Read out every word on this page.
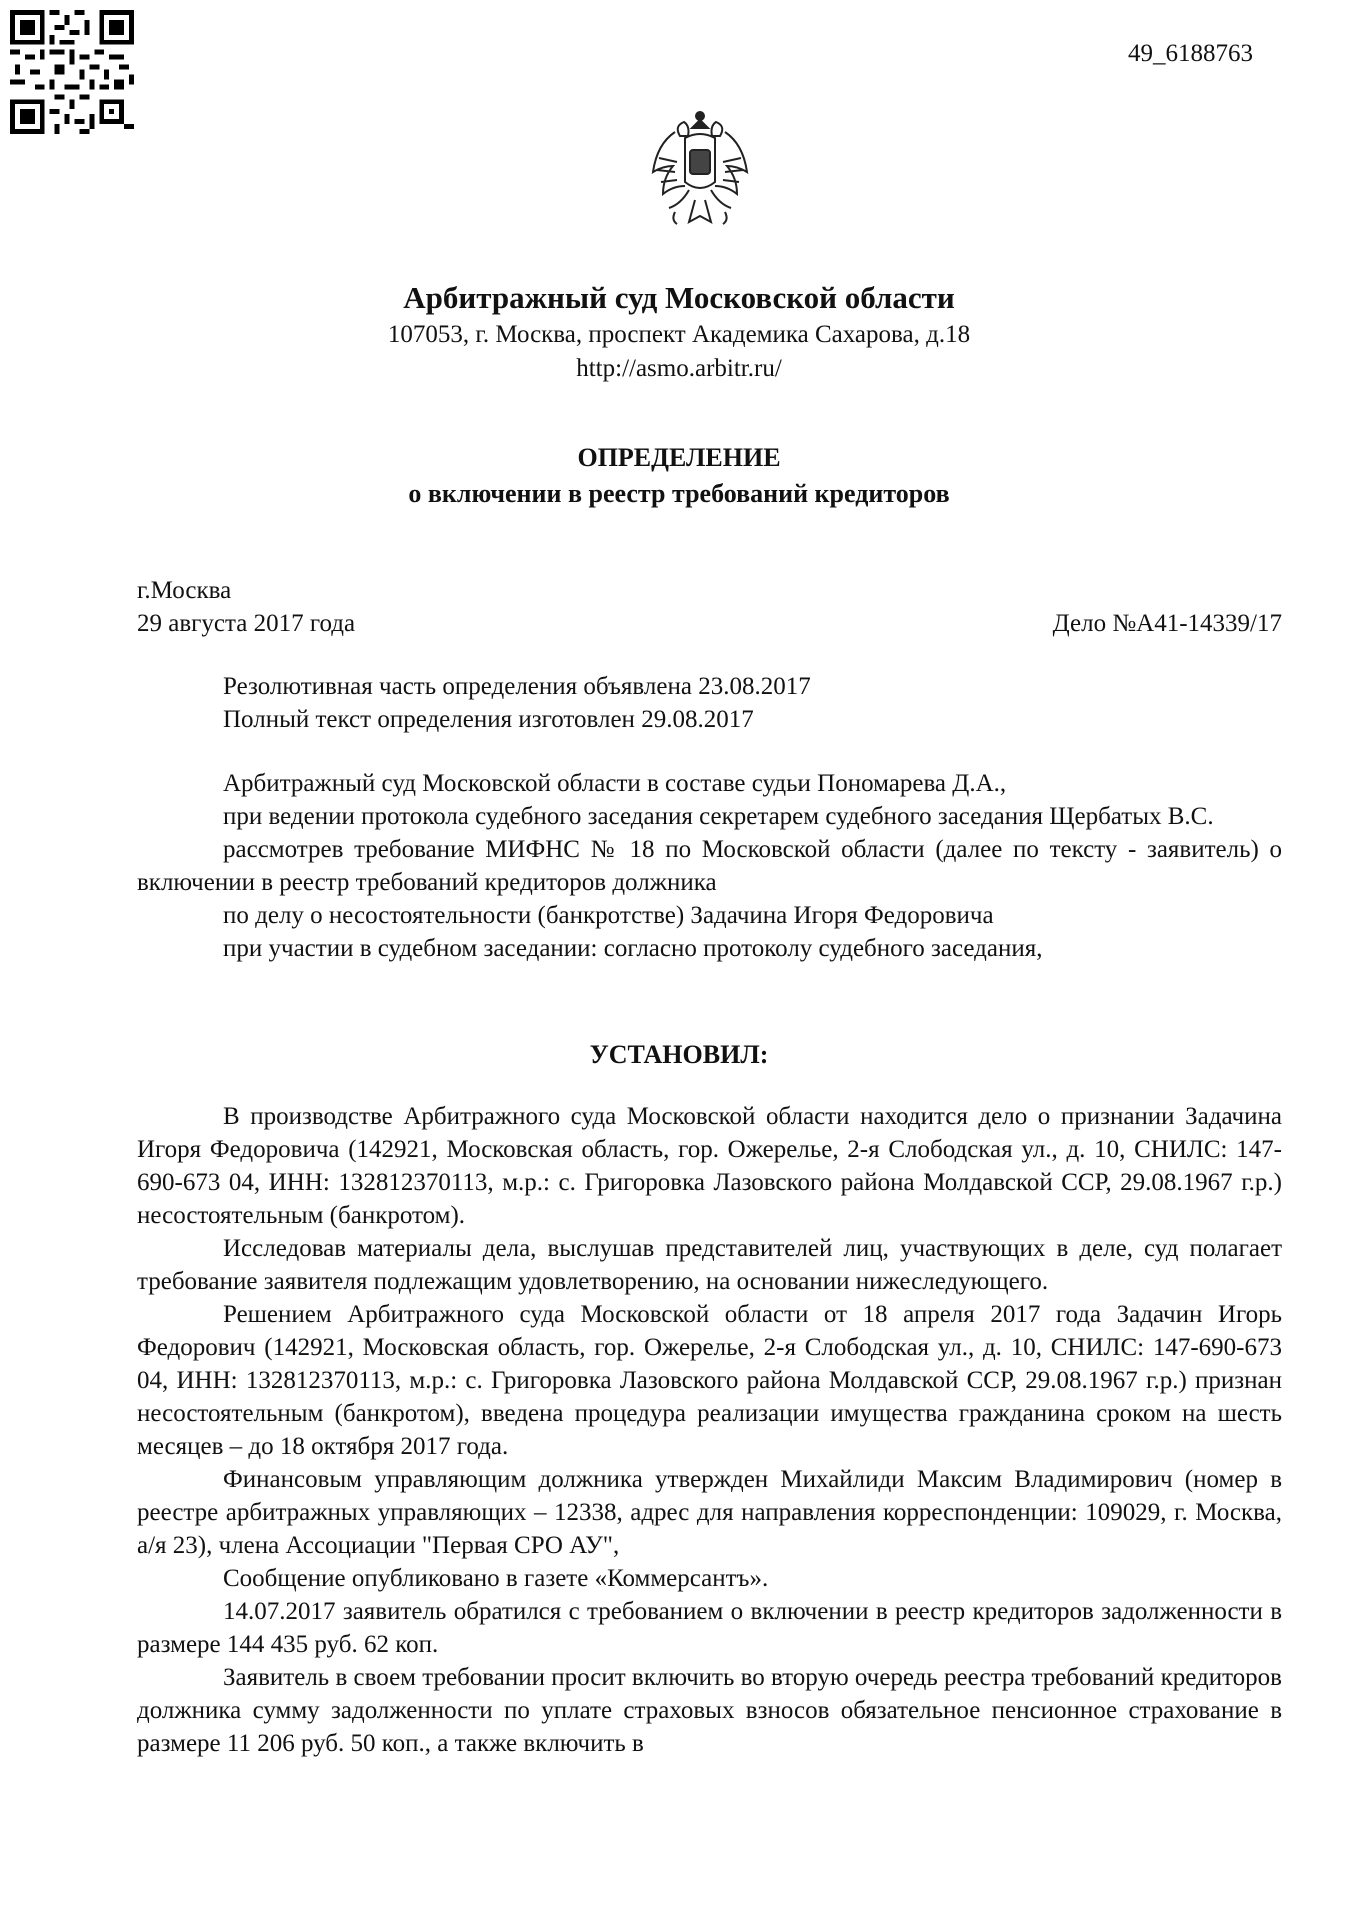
49_6188763
Арбитражный суд Московской области
107053, г. Москва, проспект Академика Сахарова, д.18
http://asmo.arbitr.ru/
ОПРЕДЕЛЕНИЕ
о включении в реестр требований кредиторов
г.Москва
29 августа 2017 года	Дело №А41-14339/17

Резолютивная часть определения объявлена 23.08.2017

Полный текст определения изготовлен 29.08.2017

Арбитражный суд Московской области в составе судьи Пономарева Д.А.,

при ведении протокола судебного заседания секретарем судебного заседания Щербатых В.С.

рассмотрев требование МИФНС № 18 по Московской области (далее по тексту - заявитель) о включении в реестр требований кредиторов должника

по делу о несостоятельности (банкротстве) Задачина Игоря Федоровича

при участии в судебном заседании: согласно протоколу судебного заседания,

УСТАНОВИЛ:

В производстве Арбитражного суда Московской области находится дело о признании Задачина Игоря Федоровича (142921, Московская область, гор. Ожерелье, 2-я Слободская ул., д. 10, СНИЛС: 147-690-673 04, ИНН: 132812370113, м.р.: с. Григоровка Лазовского района Молдавской ССР, 29.08.1967 г.р.) несостоятельным (банкротом).

Исследовав материалы дела, выслушав представителей лиц, участвующих в деле, суд полагает требование заявителя подлежащим удовлетворению, на основании нижеследующего.

Решением Арбитражного суда Московской области от 18 апреля 2017 года Задачин Игорь Федорович (142921, Московская область, гор. Ожерелье, 2-я Слободская ул., д. 10, СНИЛС: 147-690-673 04, ИНН: 132812370113, м.р.: с. Григоровка Лазовского района Молдавской ССР, 29.08.1967 г.р.) признан несостоятельным (банкротом), введена процедура реализации имущества гражданина сроком на шесть месяцев – до 18 октября 2017 года.

Финансовым управляющим должника утвержден Михайлиди Максим Владимирович (номер в реестре арбитражных управляющих – 12338, адрес для направления корреспонденции: 109029, г. Москва, а/я 23), члена Ассоциации "Первая СРО АУ",

Сообщение опубликовано в газете «Коммерсантъ».

14.07.2017 заявитель обратился с требованием о включении в реестр кредиторов задолженности в размере 144 435 руб. 62 коп.

Заявитель в своем требовании просит включить во вторую очередь реестра требований кредиторов должника сумму задолженности по уплате страховых взносов обязательное пенсионное страхование в размере 11 206 руб. 50 коп., а также включить в
